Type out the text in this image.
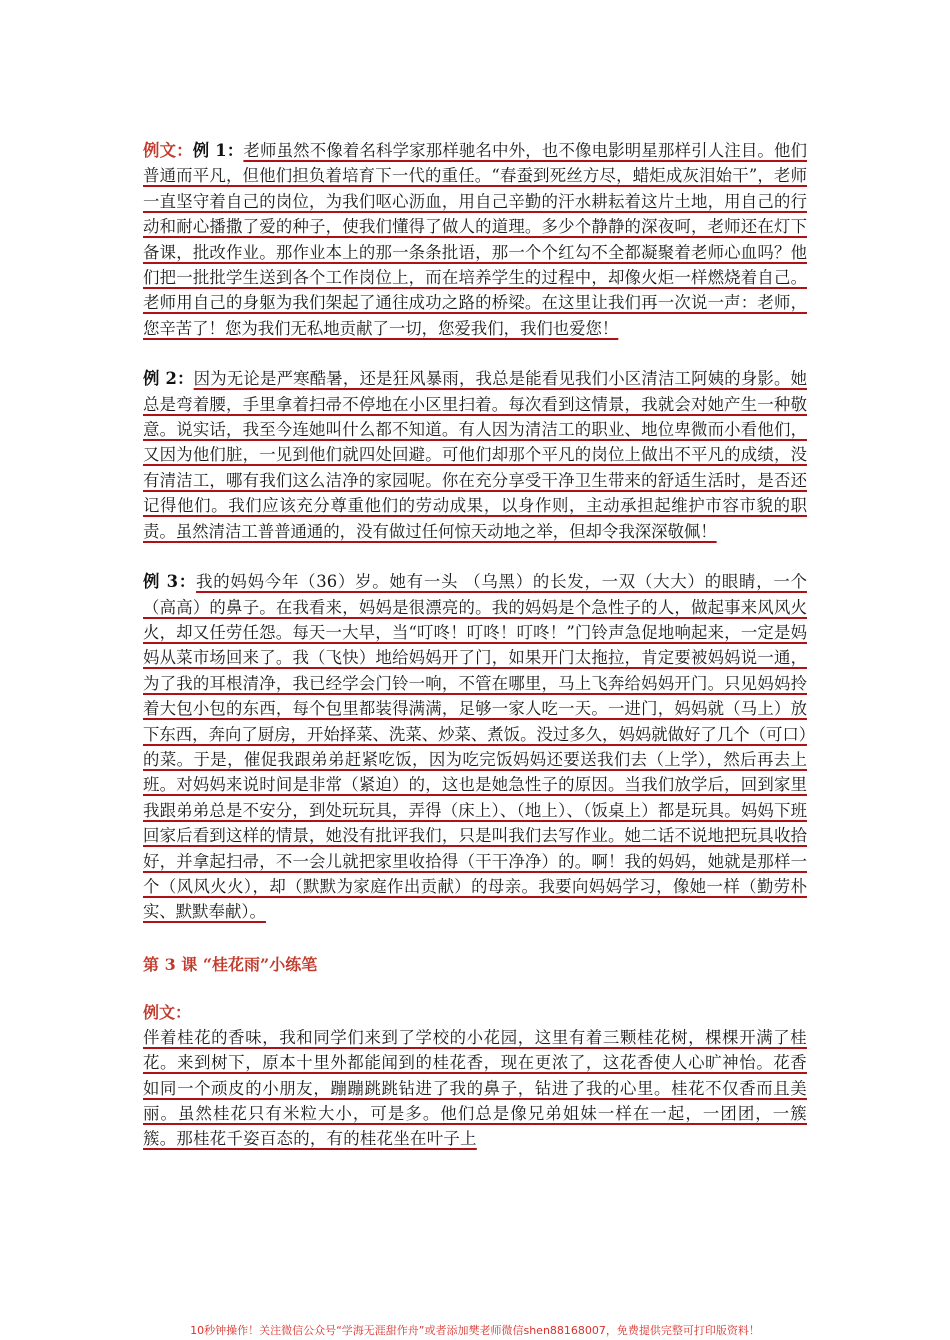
例文：例 1：老师虽然不像着名科学家那样驰名中外，也不像电影明星那样引人注目。他们普通而平凡，但他们担负着培育下一代的重任。“春蚕到死丝方尽，蜡炬成灰泪始干”，老师一直坚守着自己的岗位，为我们呕心沥血，用自己辛勤的汗水耕耘着这片土地，用自己的行动和耐心播撒了爱的种子，使我们懂得了做人的道理。多少个静静的深夜呵，老师还在灯下备课，批改作业。那作业本上的那一条条批语，那一个个红勾不全都凝聚着老师心血吗？他们把一批批学生送到各个工作岗位上，而在培养学生的过程中，却像火炬一样燃烧着自己。老师用自己的身躯为我们架起了通往成功之路的桥梁。在这里让我们再一次说一声：老师，您辛苦了！您为我们无私地贡献了一切，您爱我们，我们也爱您！

例 2：因为无论是严寒酷暑，还是狂风暴雨，我总是能看见我们小区清洁工阿姨的身影。她总是弯着腰，手里拿着扫帚不停地在小区里扫着。每次看到这情景，我就会对她产生一种敬意。说实话，我至今连她叫什么都不知道。有人因为清洁工的职业、地位卑微而小看他们，又因为他们脏，一见到他们就四处回避。可他们却那个平凡的岗位上做出不平凡的成绩，没有清洁工，哪有我们这么洁净的家园呢。你在充分享受干净卫生带来的舒适生活时，是否还记得他们。我们应该充分尊重他们的劳动成果，以身作则，主动承担起维护市容市貌的职责。虽然清洁工普普通通的，没有做过任何惊天动地之举，但却令我深深敬佩！

例 3：我的妈妈今年（36）岁。她有一头 （乌黑）的长发，一双（大大）的眼睛，一个 （高高）的鼻子。在我看来，妈妈是很漂亮的。我的妈妈是个急性子的人，做起事来风风火火，却又任劳任怨。每天一大早，当“叮咚！叮咚！叮咚！”门铃声急促地响起来，一定是妈妈从菜市场回来了。我（飞快）地给妈妈开了门，如果开门太拖拉，肯定要被妈妈说一通，为了我的耳根清净，我已经学会门铃一响，不管在哪里，马上飞奔给妈妈开门。只见妈妈拎着大包小包的东西，每个包里都装得满满，足够一家人吃一天。一进门，妈妈就（马上）放下东西，奔向了厨房，开始择菜、洗菜、炒菜、煮饭。没过多久，妈妈就做好了几个（可口）的菜。于是，催促我跟弟弟赶紧吃饭，因为吃完饭妈妈还要送我们去（上学），然后再去上班。对妈妈来说时间是非常（紧迫）的，这也是她急性子的原因。当我们放学后，回到家里我跟弟弟总是不安分，到处玩玩具，弄得（床上）、（地上）、（饭桌上）都是玩具。妈妈下班回家后看到这样的情景，她没有批评我们，只是叫我们去写作业。她二话不说地把玩具收拾好，并拿起扫帚，不一会儿就把家里收拾得（干干净净）的。啊！我的妈妈，她就是那样一个（风风火火），却（默默为家庭作出贡献）的母亲。我要向妈妈学习，像她一样（勤劳朴实、默默奉献）。

第 3 课 “桂花雨”小练笔

例文：

伴着桂花的香味，我和同学们来到了学校的小花园，这里有着三颗桂花树，棵棵开满了桂花。来到树下，原本十里外都能闻到的桂花香，现在更浓了，这花香使人心旷神怡。花香如同一个顽皮的小朋友，蹦蹦跳跳钻进了我的鼻子，钻进了我的心里。桂花不仅香而且美丽。虽然桂花只有米粒大小，可是多。他们总是像兄弟姐妹一样在一起，一团团，一簇簇。那桂花千姿百态的，有的桂花坐在叶子上

10秒钟操作！关注微信公众号“学海无涯甜作舟”或者添加樊老师微信shen88168007，免费提供完整可打印版资料！
